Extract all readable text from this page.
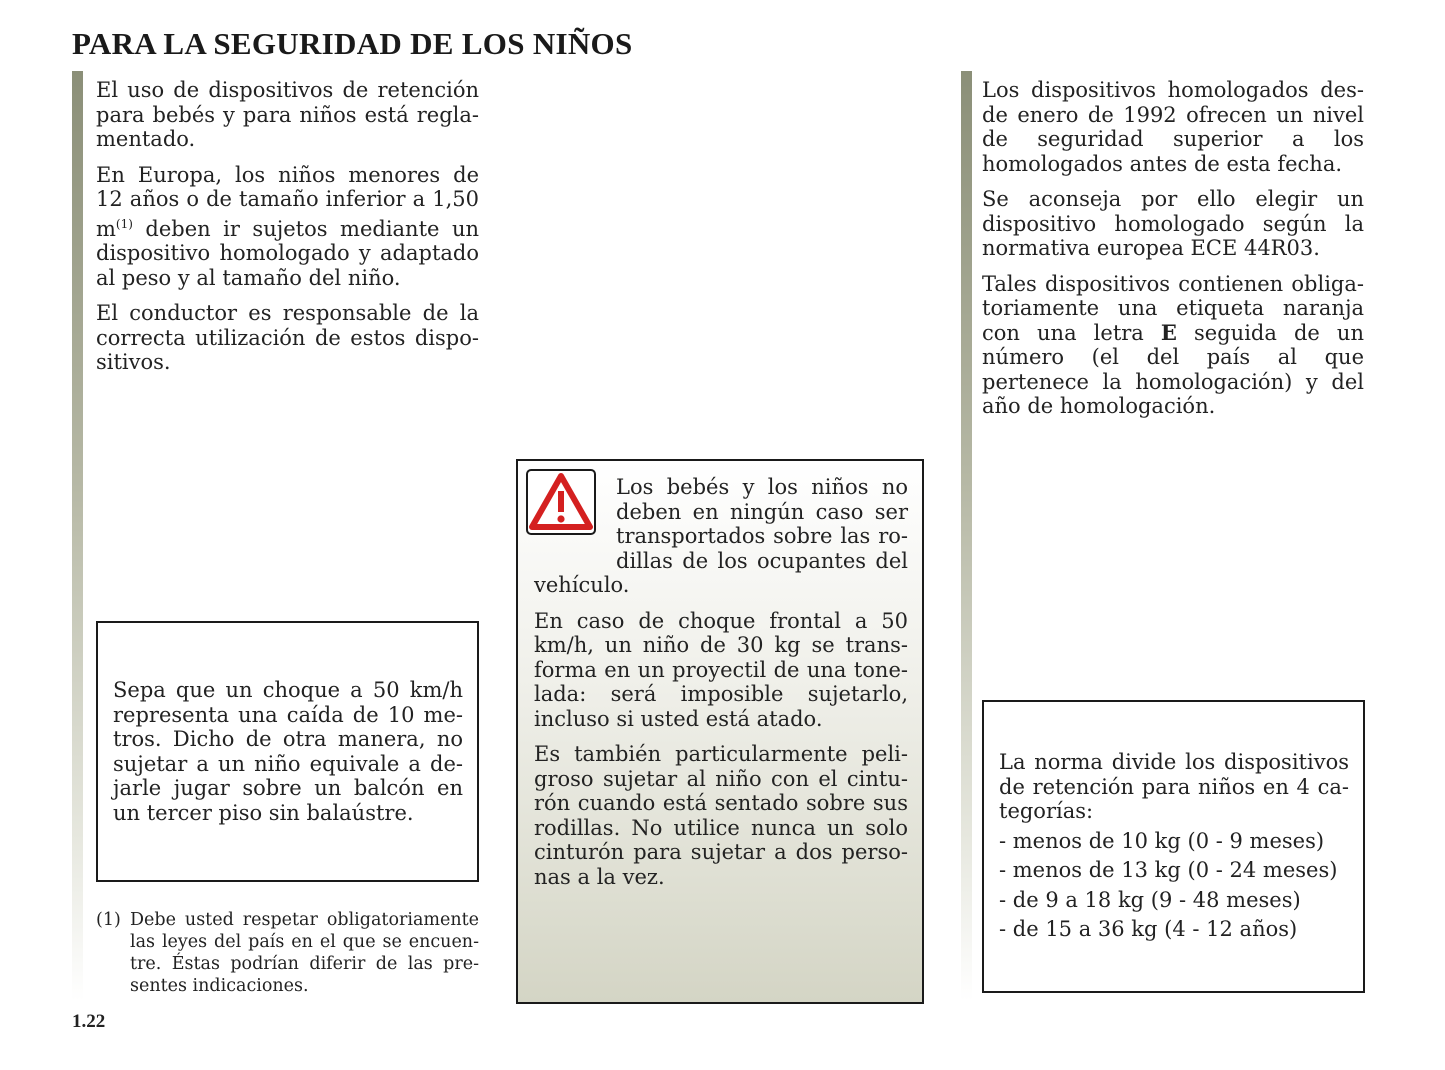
PARA LA SEGURIDAD DE LOS NIÑOS

El uso de dispositivos de retención para bebés y para niños está reglamentado.

En Europa, los niños menores de 12 años o de tamaño inferior a 1,50 $m^{(1)}$ deben ir sujetos mediante un dispositivo homologado y adaptado al peso y al tamaño del niño.

El conductor es responsable de la correcta utilización de estos dispositivos.

Sepa que un choque a 50 km/h representa una caída de 10 metros. Dicho de otra manera, no sujetar a un niño equivale a dejarle jugar sobre un balcón en un tercer piso sin balaústre.
(1) Debe usted respetar obligatoriamente las leyes del país en el que se encuentre. Éstas podrían diferir de las presentes indicaciones.
1.22

Los bebés y los niños no deben en ningún caso ser transportados sobre las rodillas de los ocupantes del vehículo.

En caso de choque frontal a 50 km/h, un niño de 30 kg se transforma en un proyectil de una tonelada: será imposible sujetarlo, incluso si usted está atado.

Es también particularmente peligroso sujetar al niño con el cinturón cuando está sentado sobre sus rodillas. No utilice nunca un solo cinturón para sujetar a dos personas a la vez.

Los dispositivos homologados desde enero de 1992 ofrecen un nivel de seguridad superior a los homologados antes de esta fecha.

Se aconseja por ello elegir un dispositivo homologado según la normativa europea ECE 44R03.

Tales dispositivos contienen obligatoriamente una etiqueta naranja con una letra E seguida de un número (el del país al que pertenece la homologación) y del año de homologación.

La norma divide los dispositivos de retención para niños en 4 categorías:
- menos de 10 kg (0 - 9 meses)
- menos de 13 kg (0 - 24 meses)
- de 9 a 18 kg (9 - 48 meses)
- de 15 a 36 kg (4 - 12 años)
